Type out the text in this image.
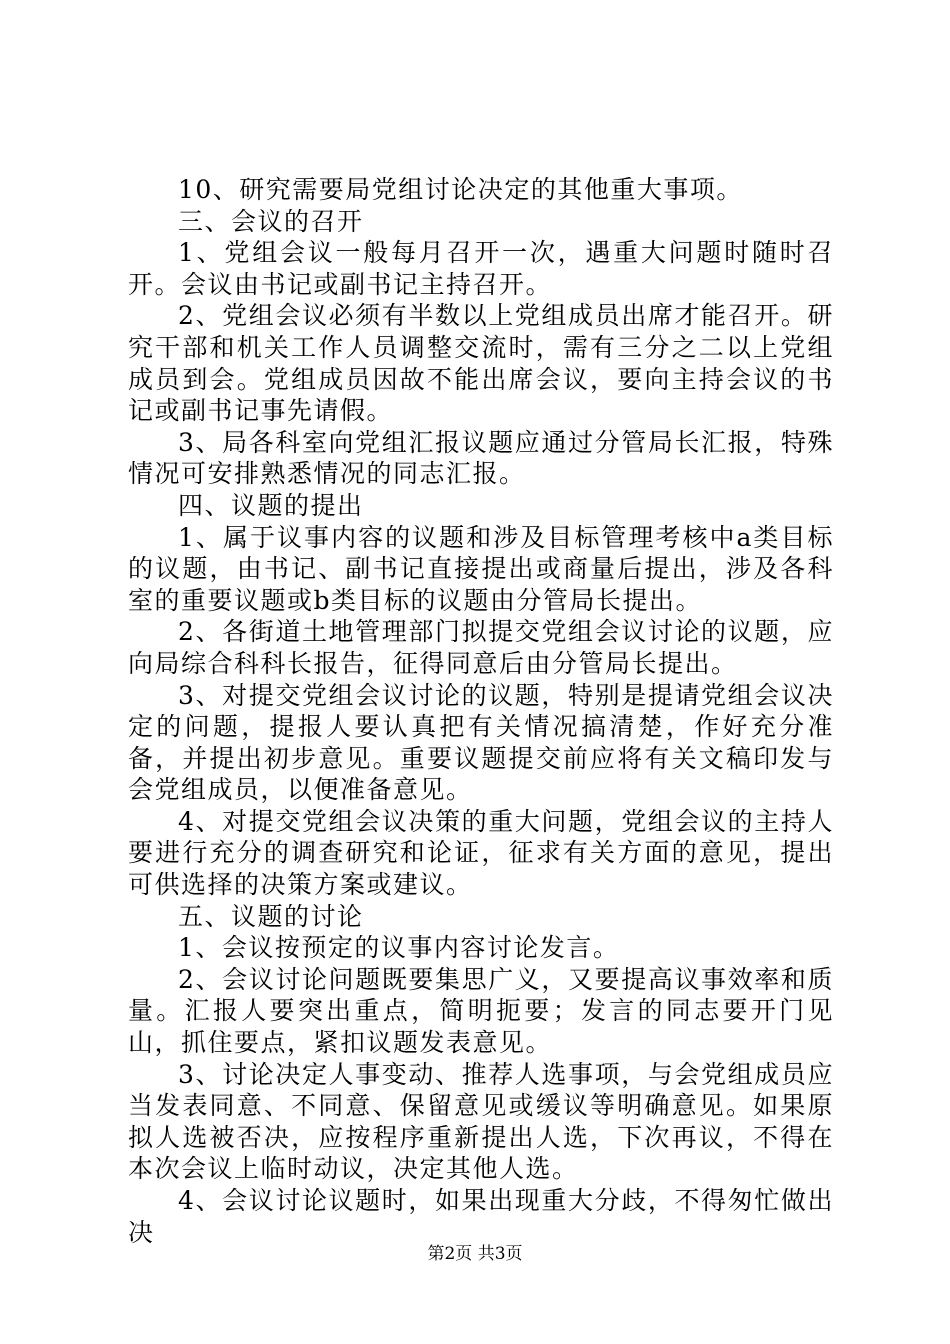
10、研究需要局党组讨论决定的其他重大事项。

三、会议的召开

1、党组会议一般每月召开一次，遇重大问题时随时召开。会议由书记或副书记主持召开。

2、党组会议必须有半数以上党组成员出席才能召开。研究干部和机关工作人员调整交流时，需有三分之二以上党组成员到会。党组成员因故不能出席会议，要向主持会议的书记或副书记事先请假。

3、局各科室向党组汇报议题应通过分管局长汇报，特殊情况可安排熟悉情况的同志汇报。

四、议题的提出

1、属于议事内容的议题和涉及目标管理考核中a类目标的议题，由书记、副书记直接提出或商量后提出，涉及各科室的重要议题或b类目标的议题由分管局长提出。

2、各街道土地管理部门拟提交党组会议讨论的议题，应向局综合科科长报告，征得同意后由分管局长提出。

3、对提交党组会议讨论的议题，特别是提请党组会议决定的问题，提报人要认真把有关情况搞清楚，作好充分准备，并提出初步意见。重要议题提交前应将有关文稿印发与会党组成员，以便准备意见。

4、对提交党组会议决策的重大问题，党组会议的主持人要进行充分的调查研究和论证，征求有关方面的意见，提出可供选择的决策方案或建议。

五、议题的讨论

1、会议按预定的议事内容讨论发言。

2、会议讨论问题既要集思广义，又要提高议事效率和质量。汇报人要突出重点，简明扼要；发言的同志要开门见山，抓住要点，紧扣议题发表意见。

3、讨论决定人事变动、推荐人选事项，与会党组成员应当发表同意、不同意、保留意见或缓议等明确意见。如果原拟人选被否决，应按程序重新提出人选，下次再议，不得在本次会议上临时动议，决定其他人选。

4、会议讨论议题时，如果出现重大分歧，不得匆忙做出决

第2页 共3页
